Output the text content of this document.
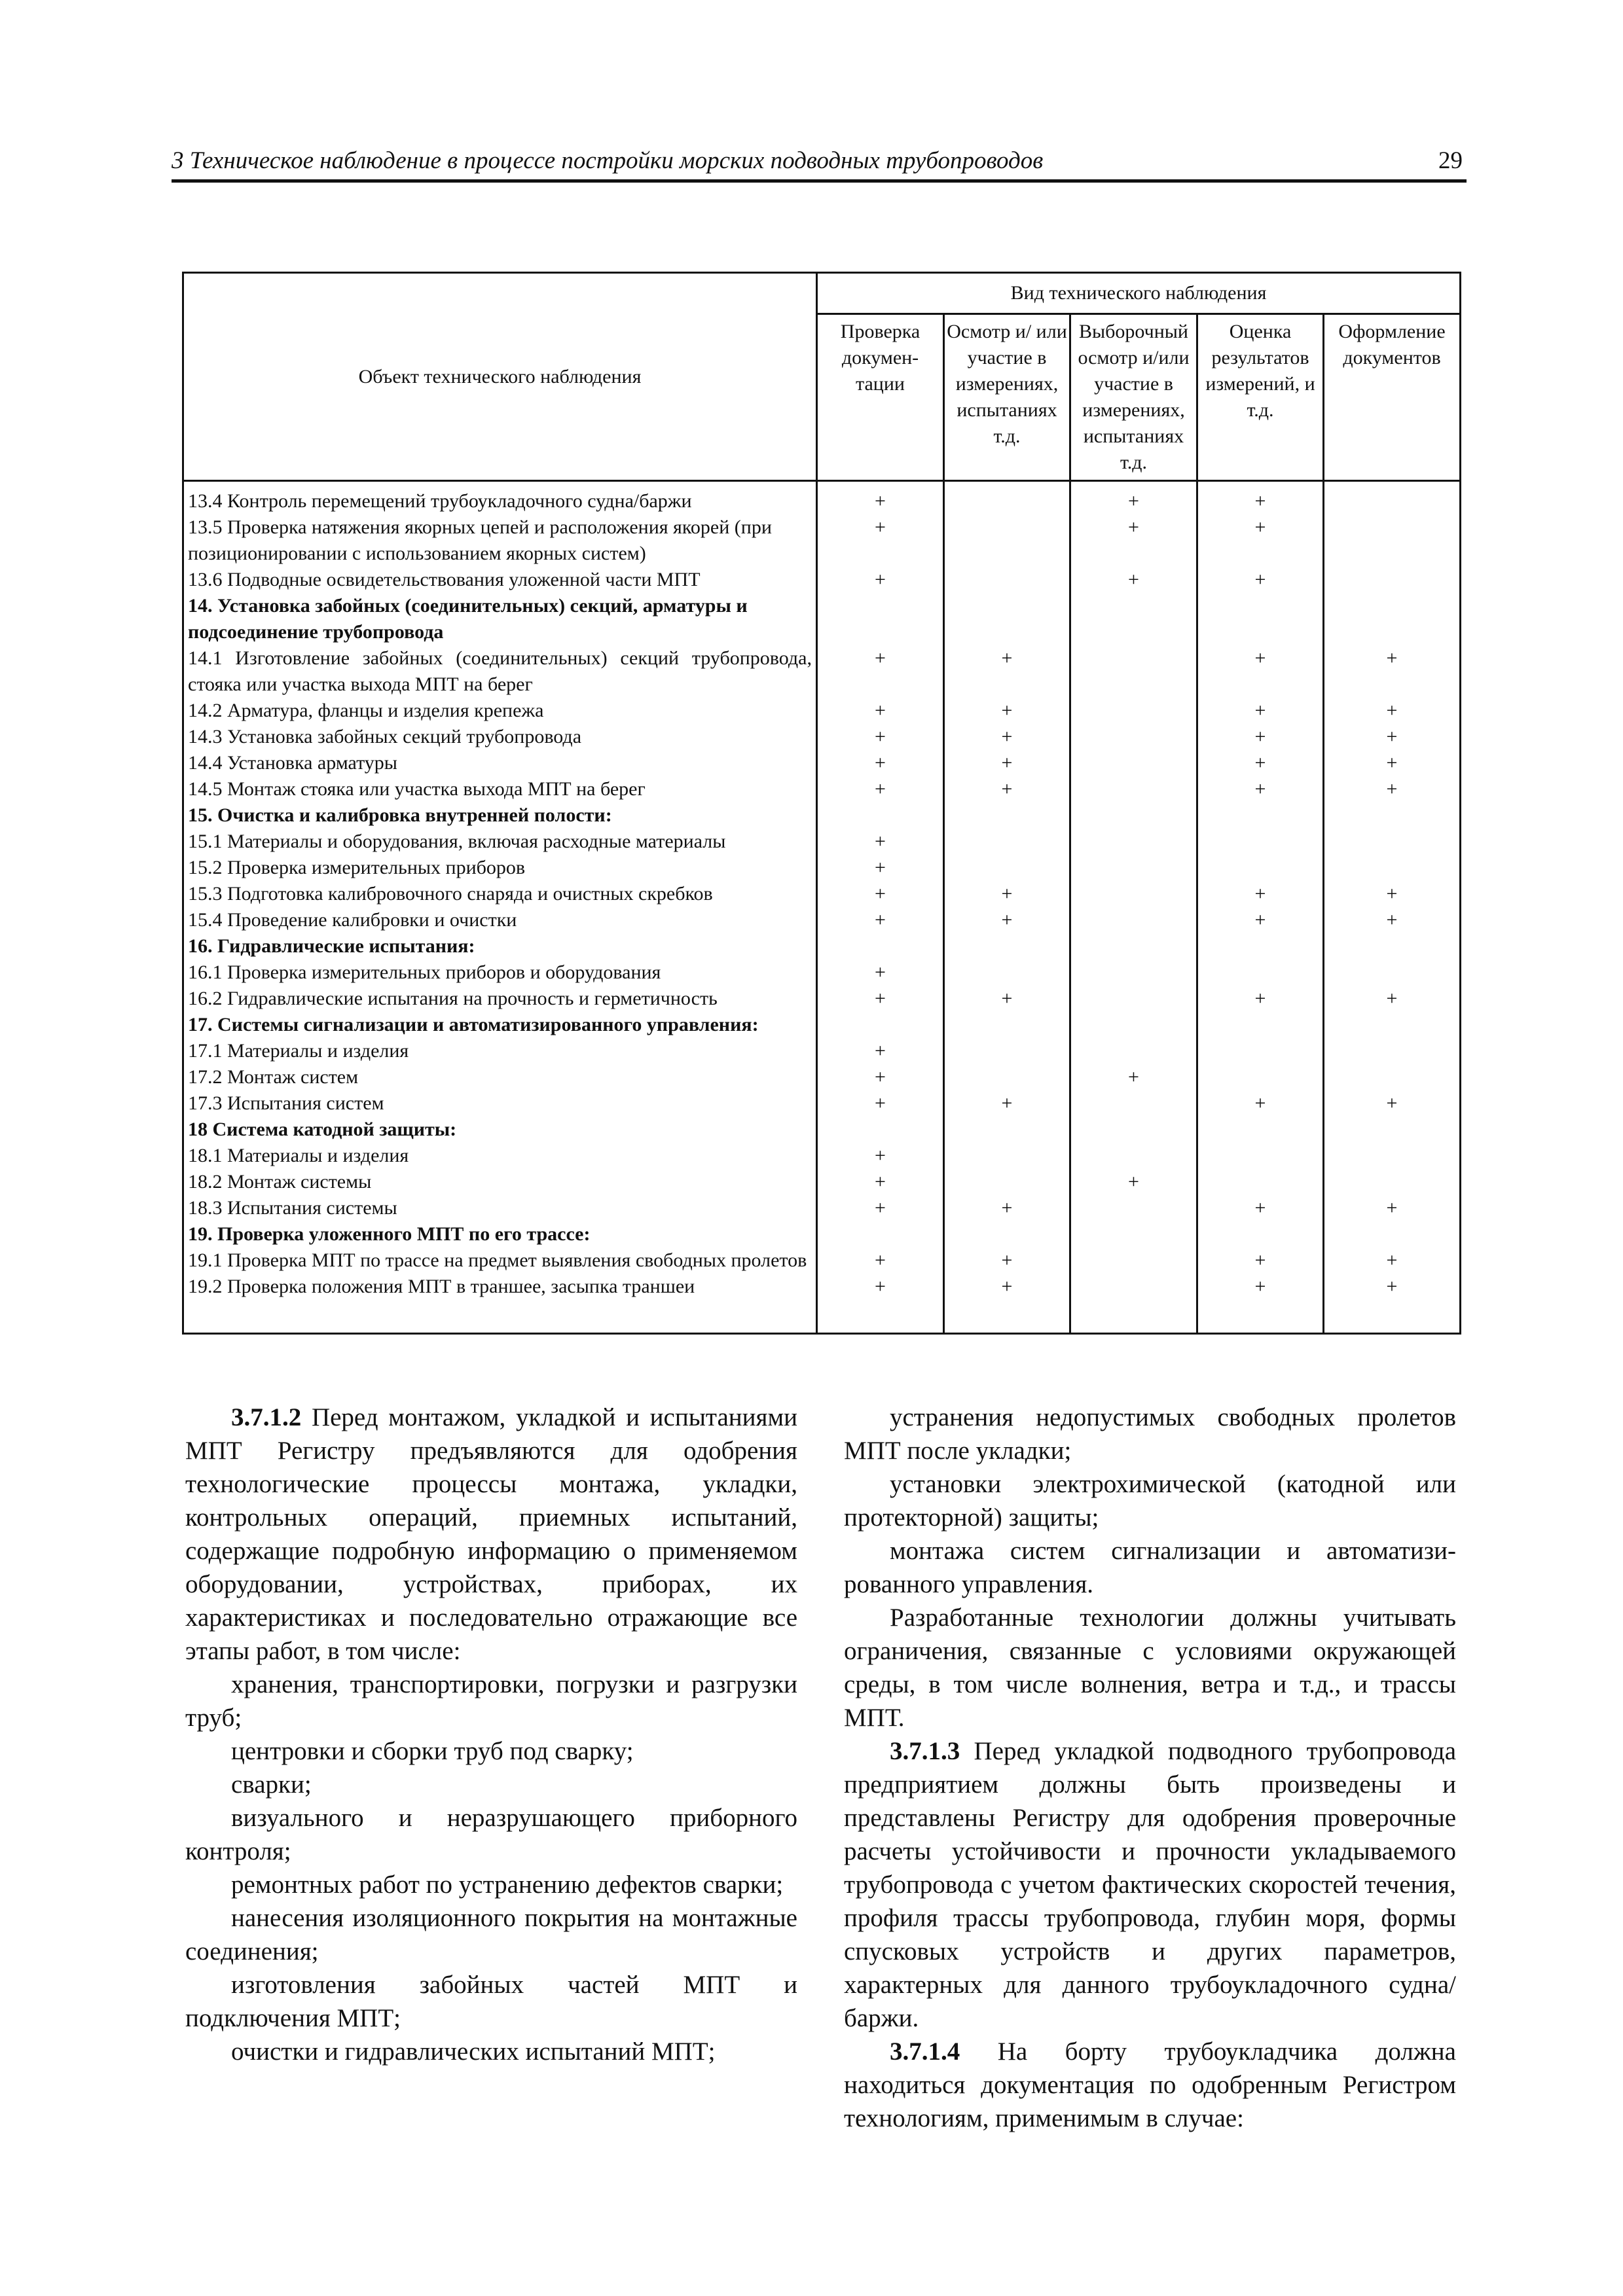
3 Техническое наблюдение в процессе постройки морских подводных трубопроводов	29
Объект технического наблюдения	Вид технического наблюдения				
	Проверка докумен- тации	Осмотр и/ или участие в измерениях, испытаниях т.д.	Выборочный осмотр и/или участие в измерениях, испытаниях т.д.	Оценка результатов измерений, и т.д.	Оформление документов
13.4 Контроль перемещений трубоукладочного судна/баржи	+		+	+	
13.5 Проверка натяжения якорных цепей и расположения якорей (при позиционировании с использованием якорных систем)	+		+	+	
13.6 Подводные освидетельствования уложенной части МПТ	+		+	+	
14. Установка забойных (соединительных) секций, арматуры и подсоединение трубопровода					
14.1 Изготовление забойных (соединительных) секций трубопровода, стояка или участка выхода МПТ на берег	+	+		+	+
14.2 Арматура, фланцы и изделия крепежа	+	+		+	+
14.3 Установка забойных секций трубопровода	+	+		+	+
14.4 Установка арматуры	+	+		+	+
14.5 Монтаж стояка или участка выхода МПТ на берег	+	+		+	+
15. Очистка и калибровка внутренней полости:					
15.1 Материалы и оборудования, включая расходные материалы	+				
15.2 Проверка измерительных приборов	+				
15.3 Подготовка калибровочного снаряда и очистных скребков	+	+		+	+
15.4 Проведение калибровки и очистки	+	+		+	+
16. Гидравлические испытания:					
16.1 Проверка измерительных приборов и оборудования	+				
16.2 Гидравлические испытания на прочность и герметичность	+	+		+	+
17. Системы сигнализации и автоматизированного управления:					
17.1 Материалы и изделия	+				
17.2 Монтаж систем	+		+		
17.3 Испытания систем	+	+		+	+
18 Система катодной защиты:					
18.1 Материалы и изделия	+				
18.2 Монтаж системы	+		+		
18.3 Испытания системы	+	+		+	+
19. Проверка уложенного МПТ по его трассе:					
19.1 Проверка МПТ по трассе на предмет выявления свободных пролетов	+	+		+	+
19.2 Проверка положения МПТ в траншее, засыпка траншеи	+	+		+	+

3.7.1.2 Перед монтажом, укладкой и испытаниями МПТ Регистру предъявляются для одобрения технологические процессы монтажа, укладки, контрольных операций, приемных испытаний, содержащие подробную информацию о применяемом оборудовании, устройствах, приборах, их характеристиках и последовательно отражающие все этапы работ, в том числе:

хранения, транспортировки, погрузки и разгрузки труб;

центровки и сборки труб под сварку;

сварки;

визуального и неразрушающего приборного контроля;

ремонтных работ по устранению дефектов сварки;

нанесения изоляционного покрытия на монтажные соединения;

изготовления забойных частей МПТ и подключения МПТ;

очистки и гидравлических испытаний МПТ;

устранения недопустимых свободных пролетов МПТ после укладки;

установки электрохимической (катодной или протекторной) защиты;

монтажа систем сигнализации и автоматизированного управления.

Разработанные технологии должны учитывать ограничения, связанные с условиями окружающей среды, в том числе волнения, ветра и т.д., и трассы МПТ.

3.7.1.3 Перед укладкой подводного трубопровода предприятием должны быть произведены и представлены Регистру для одобрения проверочные расчеты устойчивости и прочности укладываемого трубопровода с учетом фактических скоростей течения, профиля трассы трубопровода, глубин моря, формы спусковых устройств и других параметров, характерных для данного трубоукладочного судна/баржи.

3.7.1.4 На борту трубоукладчика должна находиться документация по одобренным Регистром технологиям, применимым в случае:
